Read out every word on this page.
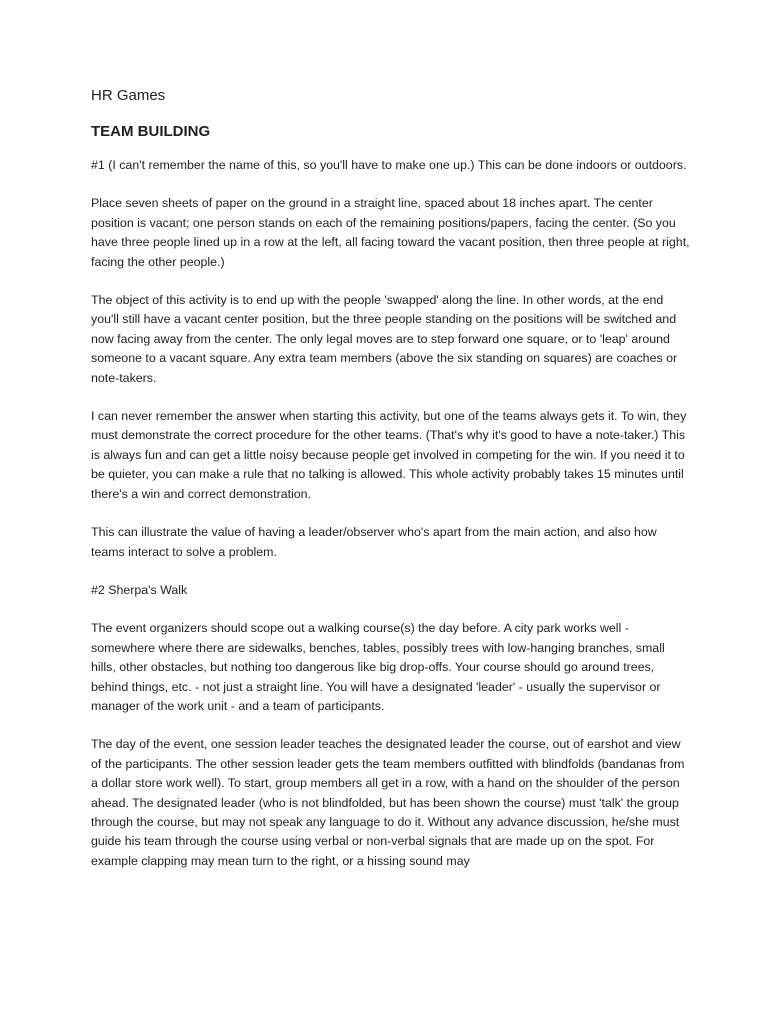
HR Games
TEAM BUILDING

#1 (I can't remember the name of this, so you'll have to make one up.) This can be done indoors or outdoors.

Place seven sheets of paper on the ground in a straight line, spaced about 18 inches apart. The center position is vacant; one person stands on each of the remaining positions/papers, facing the center. (So you have three people lined up in a row at the left, all facing toward the vacant position, then three people at right, facing the other people.)

The object of this activity is to end up with the people 'swapped' along the line. In other words, at the end you'll still have a vacant center position, but the three people standing on the positions will be switched and now facing away from the center. The only legal moves are to step forward one square, or to 'leap' around someone to a vacant square. Any extra team members (above the six standing on squares) are coaches or note-takers.

I can never remember the answer when starting this activity, but one of the teams always gets it. To win, they must demonstrate the correct procedure for the other teams. (That's why it's good to have a note-taker.) This is always fun and can get a little noisy because people get involved in competing for the win. If you need it to be quieter, you can make a rule that no talking is allowed. This whole activity probably takes 15 minutes until there's a win and correct demonstration.

This can illustrate the value of having a leader/observer who's apart from the main action, and also how teams interact to solve a problem.

#2 Sherpa's Walk

The event organizers should scope out a walking course(s) the day before. A city park works well - somewhere where there are sidewalks, benches, tables, possibly trees with low-hanging branches, small hills, other obstacles, but nothing too dangerous like big drop-offs. Your course should go around trees, behind things, etc. - not just a straight line. You will have a designated 'leader' - usually the supervisor or manager of the work unit - and a team of participants.

The day of the event, one session leader teaches the designated leader the course, out of earshot and view of the participants. The other session leader gets the team members outfitted with blindfolds (bandanas from a dollar store work well). To start, group members all get in a row, with a hand on the shoulder of the person ahead. The designated leader (who is not blindfolded, but has been shown the course) must 'talk' the group through the course, but may not speak any language to do it. Without any advance discussion, he/she must guide his team through the course using verbal or non-verbal signals that are made up on the spot. For example clapping may mean turn to the right, or a hissing sound may
